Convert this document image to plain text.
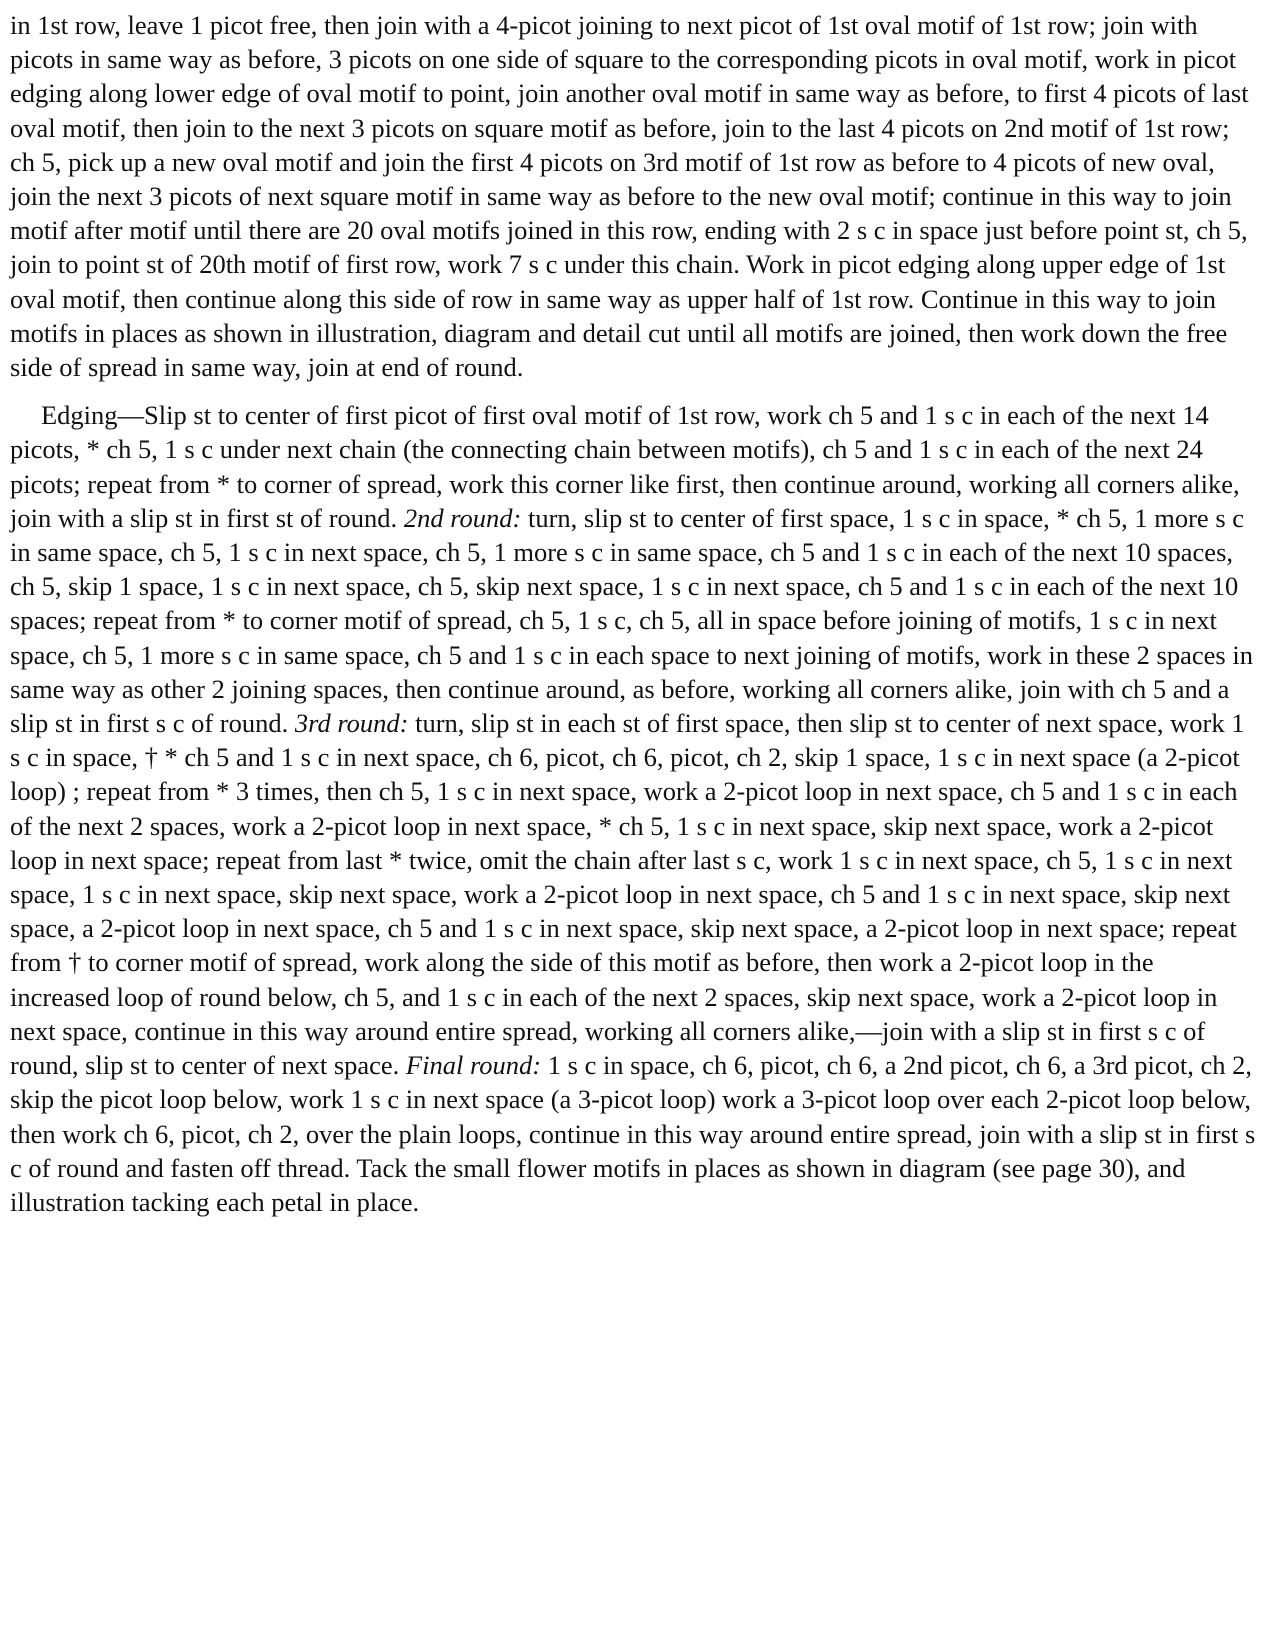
in 1st row, leave 1 picot free, then join with a 4-picot joining to next picot of 1st oval motif of 1st row; join with picots in same way as before, 3 picots on one side of square to the corresponding picots in oval motif, work in picot edging along lower edge of oval motif to point, join another oval motif in same way as before, to first 4 picots of last oval motif, then join to the next 3 picots on square motif as before, join to the last 4 picots on 2nd motif of 1st row; ch 5, pick up a new oval motif and join the first 4 picots on 3rd motif of 1st row as before to 4 picots of new oval, join the next 3 picots of next square motif in same way as before to the new oval motif; continue in this way to join motif after motif until there are 20 oval motifs joined in this row, ending with 2 s c in space just before point st, ch 5, join to point st of 20th motif of first row, work 7 s c under this chain. Work in picot edging along upper edge of 1st oval motif, then continue along this side of row in same way as upper half of 1st row. Continue in this way to join motifs in places as shown in illustration, diagram and detail cut until all motifs are joined, then work down the free side of spread in same way, join at end of round.

Edging—Slip st to center of first picot of first oval motif of 1st row, work ch 5 and 1 s c in each of the next 14 picots, * ch 5, 1 s c under next chain (the connecting chain between motifs), ch 5 and 1 s c in each of the next 24 picots; repeat from * to corner of spread, work this corner like first, then continue around, working all corners alike, join with a slip st in first st of round. 2nd round: turn, slip st to center of first space, 1 s c in space, * ch 5, 1 more s c in same space, ch 5, 1 s c in next space, ch 5, 1 more s c in same space, ch 5 and 1 s c in each of the next 10 spaces, ch 5, skip 1 space, 1 s c in next space, ch 5, skip next space, 1 s c in next space, ch 5 and 1 s c in each of the next 10 spaces; repeat from * to corner motif of spread, ch 5, 1 s c, ch 5, all in space before joining of motifs, 1 s c in next space, ch 5, 1 more s c in same space, ch 5 and 1 s c in each space to next joining of motifs, work in these 2 spaces in same way as other 2 joining spaces, then continue around, as before, working all corners alike, join with ch 5 and a slip st in first s c of round. 3rd round: turn, slip st in each st of first space, then slip st to center of next space, work 1 s c in space, † * ch 5 and 1 s c in next space, ch 6, picot, ch 6, picot, ch 2, skip 1 space, 1 s c in next space (a 2-picot loop) ; repeat from * 3 times, then ch 5, 1 s c in next space, work a 2-picot loop in next space, ch 5 and 1 s c in each of the next 2 spaces, work a 2-picot loop in next space, * ch 5, 1 s c in next space, skip next space, work a 2-picot loop in next space; repeat from last * twice, omit the chain after last s c, work 1 s c in next space, ch 5, 1 s c in next space, 1 s c in next space, skip next space, work a 2-picot loop in next space, ch 5 and 1 s c in next space, skip next space, a 2-picot loop in next space, ch 5 and 1 s c in next space, skip next space, a 2-picot loop in next space; repeat from † to corner motif of spread, work along the side of this motif as before, then work a 2-picot loop in the increased loop of round below, ch 5, and 1 s c in each of the next 2 spaces, skip next space, work a 2-picot loop in next space, continue in this way around entire spread, working all corners alike,—join with a slip st in first s c of round, slip st to center of next space. Final round: 1 s c in space, ch 6, picot, ch 6, a 2nd picot, ch 6, a 3rd picot, ch 2, skip the picot loop below, work 1 s c in next space (a 3-picot loop) work a 3-picot loop over each 2-picot loop below, then work ch 6, picot, ch 2, over the plain loops, continue in this way around entire spread, join with a slip st in first s c of round and fasten off thread. Tack the small flower motifs in places as shown in diagram (see page 30), and illustration tacking each petal in place.
